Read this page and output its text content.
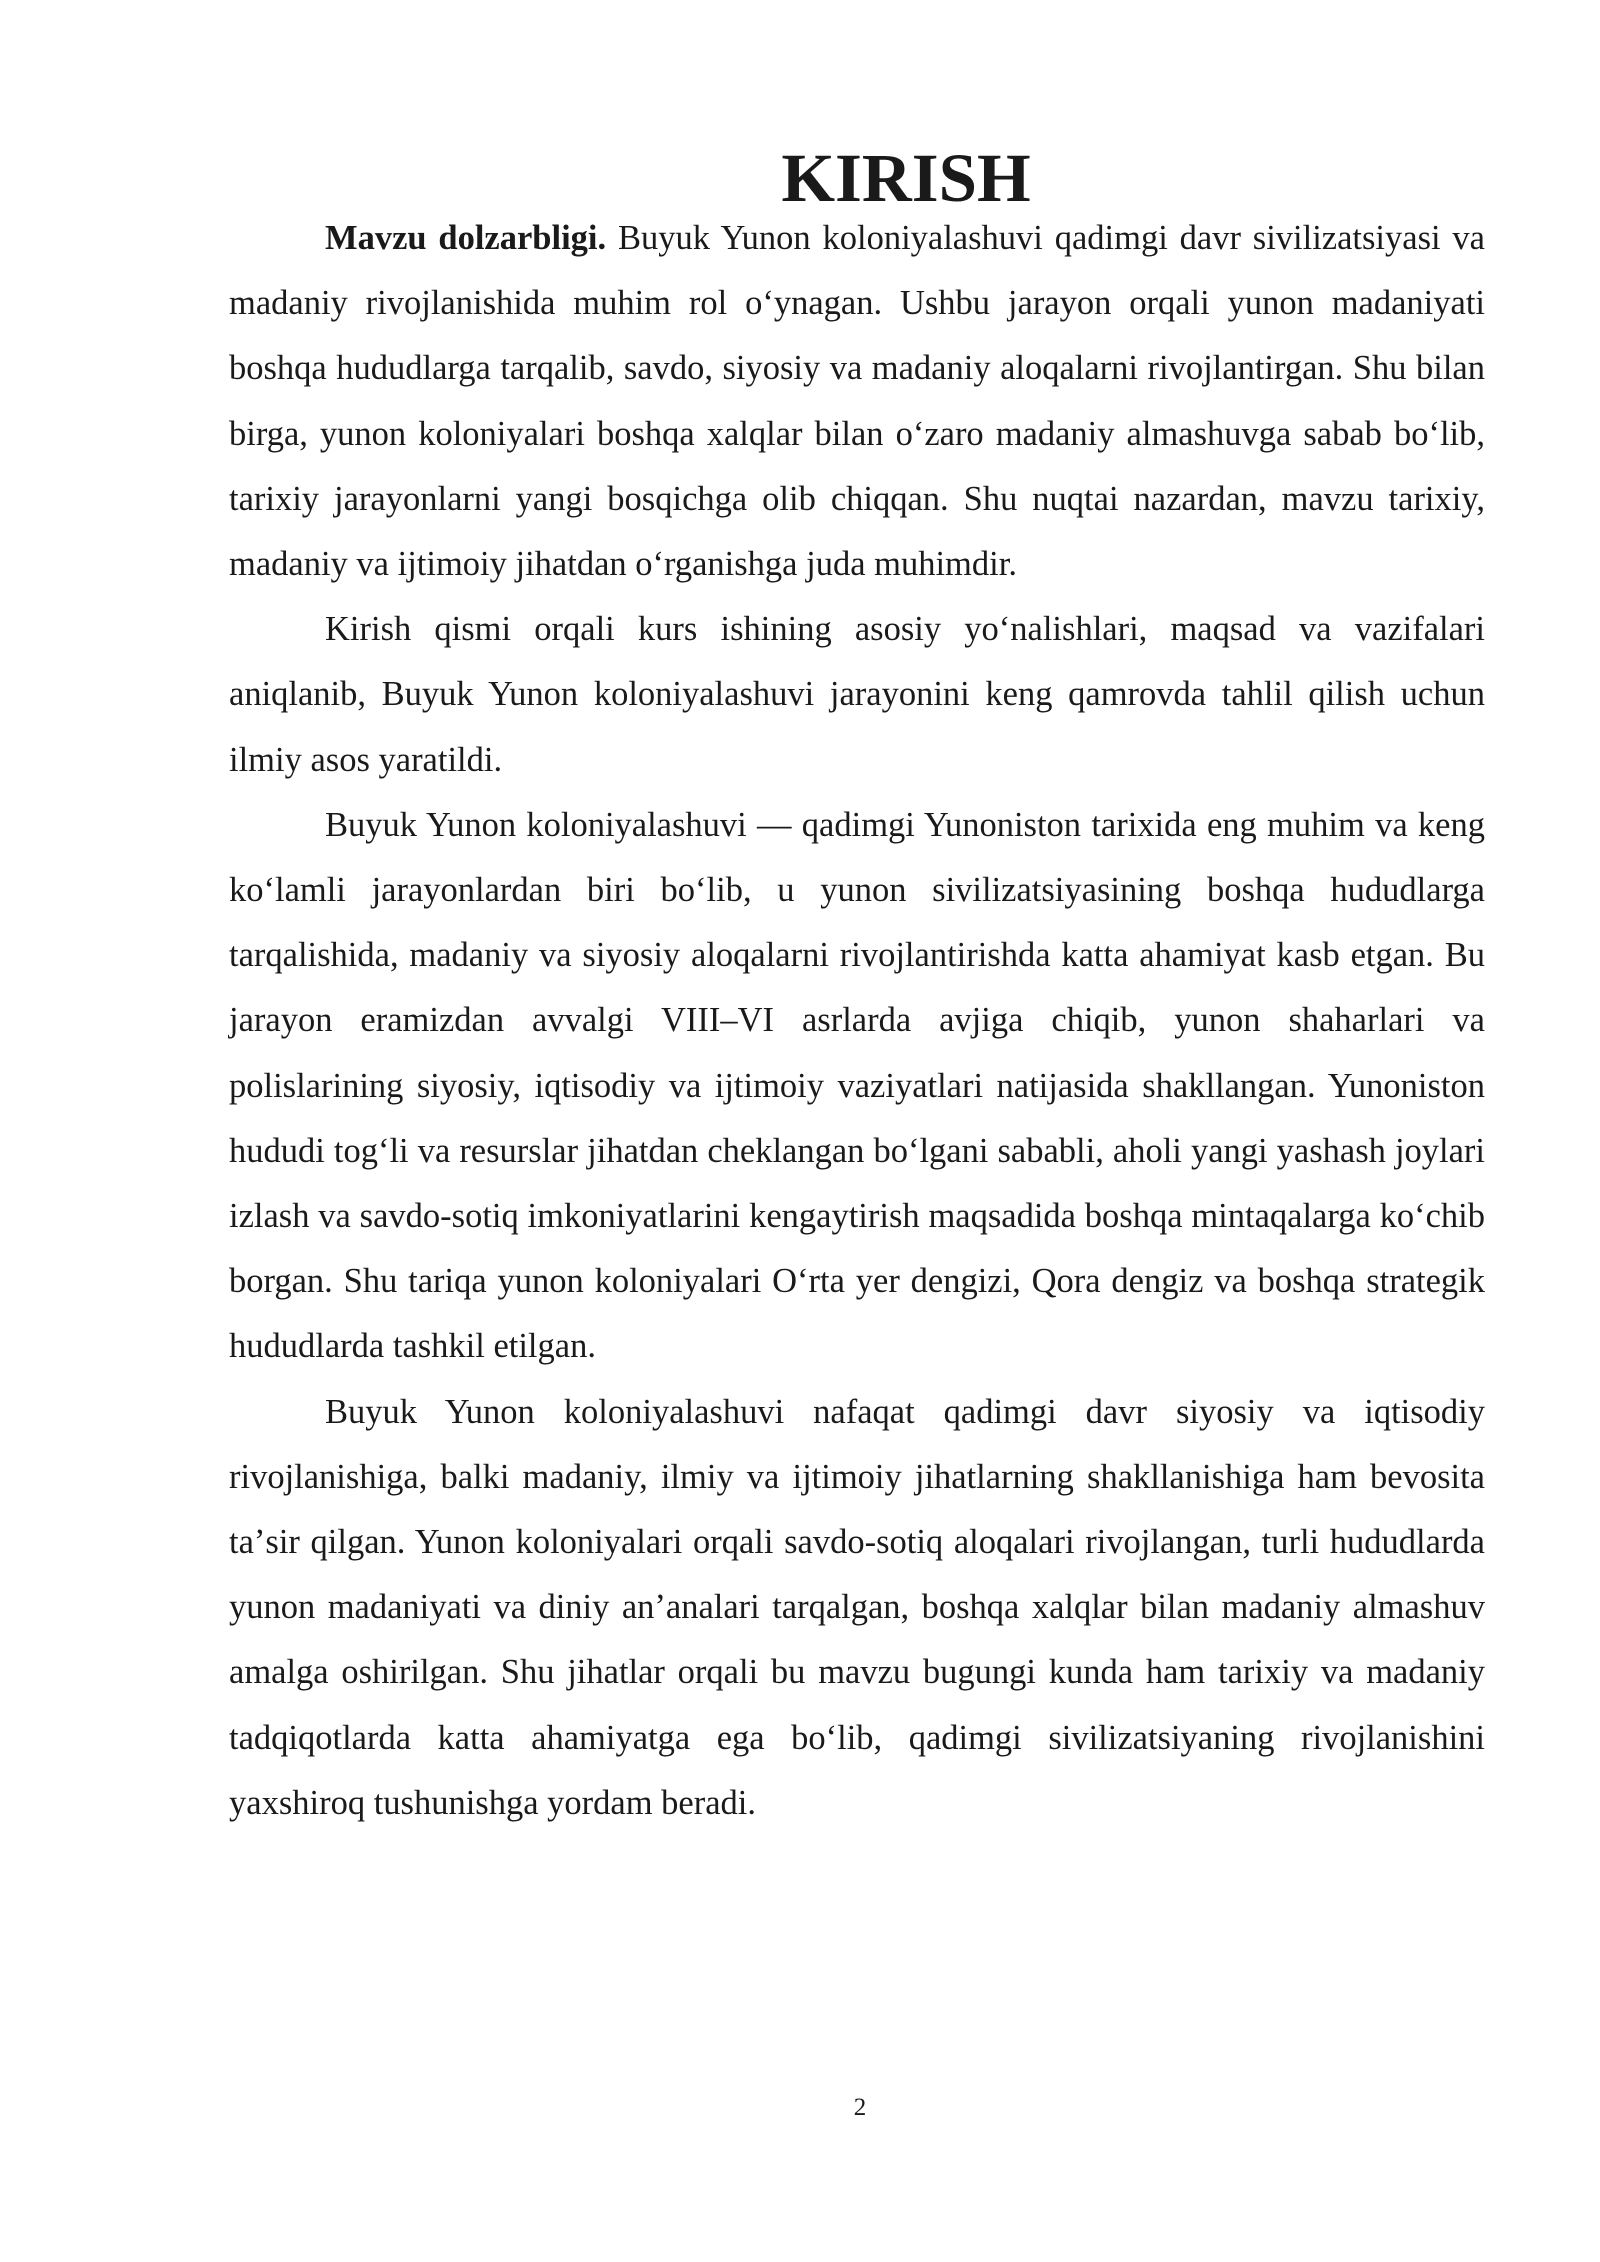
KIRISH

Mavzu dolzarbligi. Buyuk Yunon koloniyalashuvi qadimgi davr sivilizatsiyasi va madaniy rivojlanishida muhim rol oʻynagan. Ushbu jarayon orqali yunon madaniyati boshqa hududlarga tarqalib, savdo, siyosiy va madaniy aloqalarni rivojlantirgan. Shu bilan birga, yunon koloniyalari boshqa xalqlar bilan oʻzaro madaniy almashuvga sabab boʻlib, tarixiy jarayonlarni yangi bosqichga olib chiqqan. Shu nuqtai nazardan, mavzu tarixiy, madaniy va ijtimoiy jihatdan oʻrganishga juda muhimdir.

Kirish qismi orqali kurs ishining asosiy yoʻnalishlari, maqsad va vazifalari aniqlanib, Buyuk Yunon koloniyalashuvi jarayonini keng qamrovda tahlil qilish uchun ilmiy asos yaratildi.

Buyuk Yunon koloniyalashuvi — qadimgi Yunoniston tarixida eng muhim va keng koʻlamli jarayonlardan biri boʻlib, u yunon sivilizatsiyasining boshqa hududlarga tarqalishida, madaniy va siyosiy aloqalarni rivojlantirishda katta ahamiyat kasb etgan. Bu jarayon eramizdan avvalgi VIII–VI asrlarda avjiga chiqib, yunon shaharlari va polislarining siyosiy, iqtisodiy va ijtimoiy vaziyatlari natijasida shakllangan. Yunoniston hududi togʻli va resurslar jihatdan cheklangan boʻlgani sababli, aholi yangi yashash joylari izlash va savdo-sotiq imkoniyatlarini kengaytirish maqsadida boshqa mintaqalarga koʻchib borgan. Shu tariqa yunon koloniyalari Oʻrta yer dengizi, Qora dengiz va boshqa strategik hududlarda tashkil etilgan.

Buyuk Yunon koloniyalashuvi nafaqat qadimgi davr siyosiy va iqtisodiy rivojlanishiga, balki madaniy, ilmiy va ijtimoiy jihatlarning shakllanishiga ham bevosita taʼsir qilgan. Yunon koloniyalari orqali savdo-sotiq aloqalari rivojlangan, turli hududlarda yunon madaniyati va diniy anʼanalari tarqalgan, boshqa xalqlar bilan madaniy almashuv amalga oshirilgan. Shu jihatlar orqali bu mavzu bugungi kunda ham tarixiy va madaniy tadqiqotlarda katta ahamiyatga ega boʻlib, qadimgi sivilizatsiyaning rivojlanishini yaxshiroq tushunishga yordam beradi.

2
